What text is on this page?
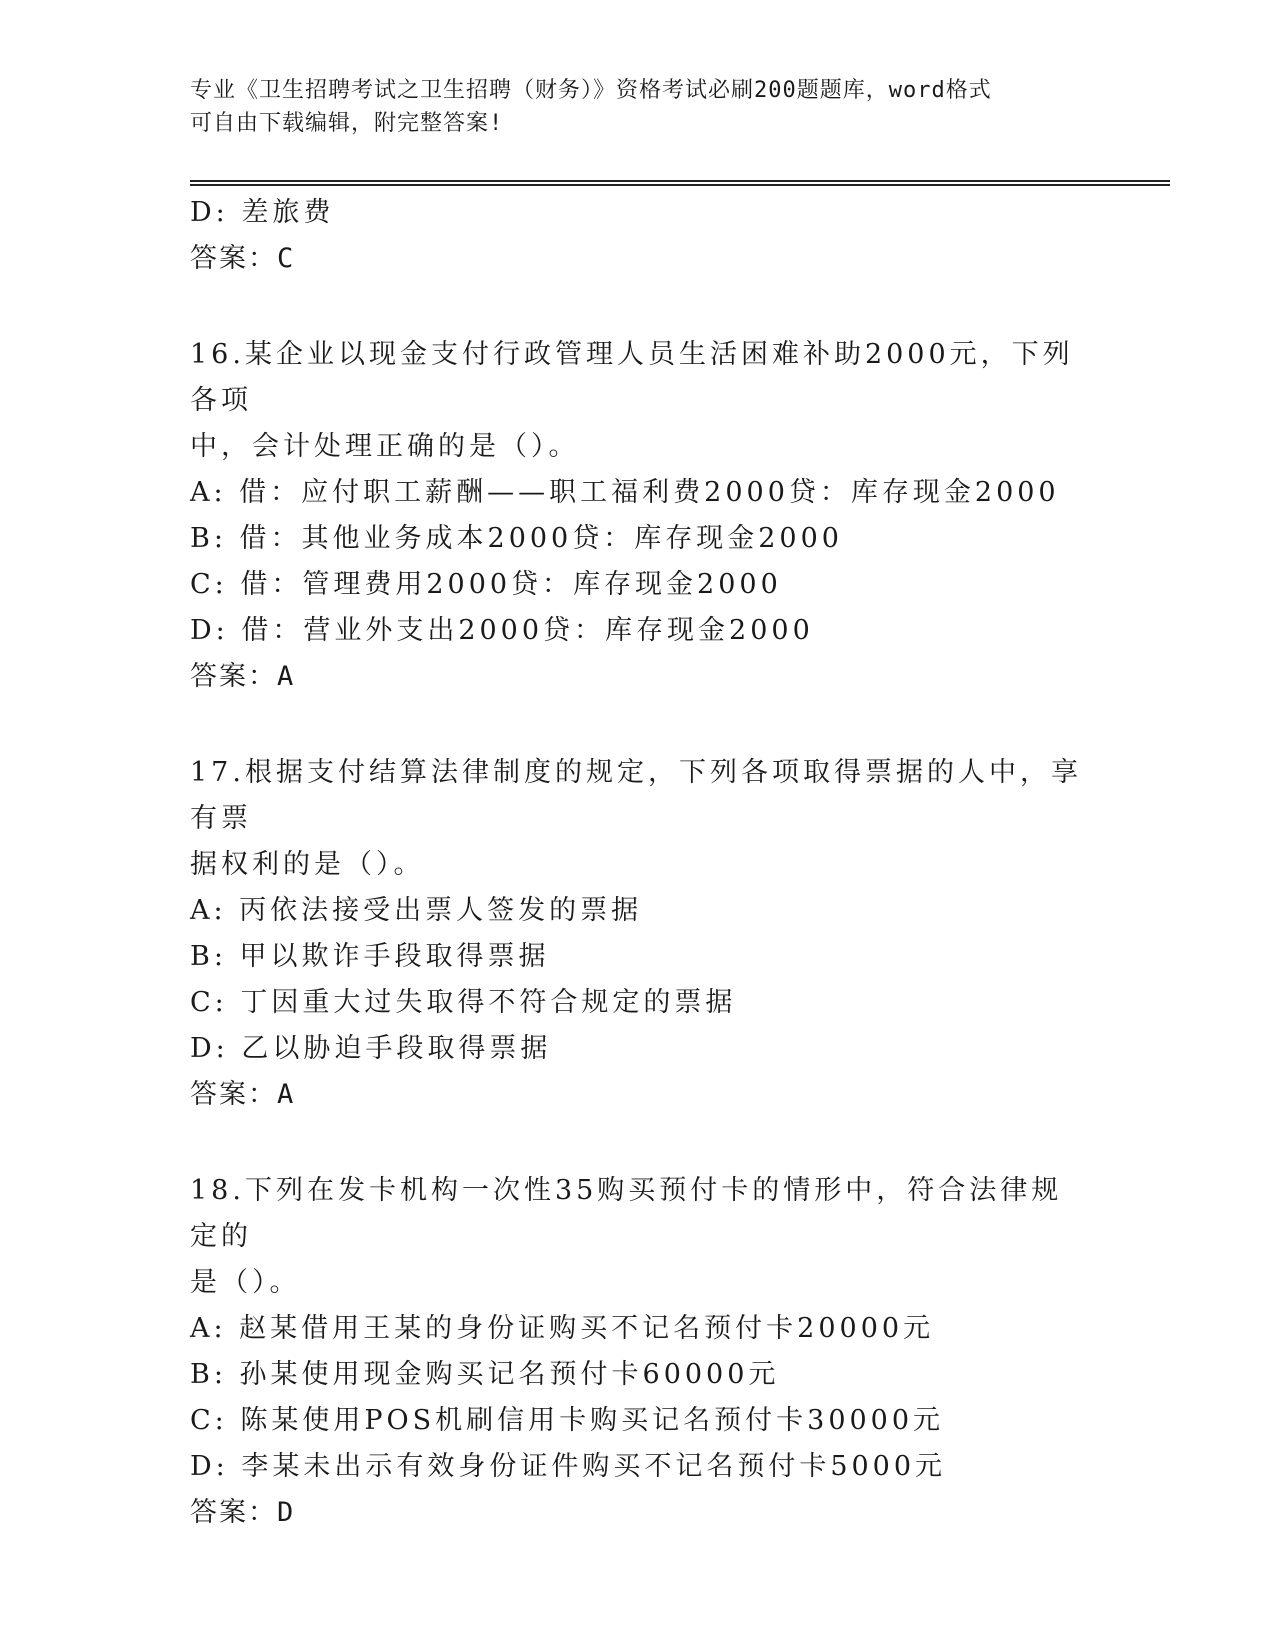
专业《卫生招聘考试之卫生招聘（财务）》资格考试必刷200题题库，word格式
可自由下载编辑，附完整答案!
D: 差旅费
答案：C
16.某企业以现金支付行政管理人员生活困难补助2000元，下列各项
中，会计处理正确的是（）。
A: 借：应付职工薪酬——职工福利费2000贷：库存现金2000
B: 借：其他业务成本2000贷：库存现金2000
C: 借：管理费用2000贷：库存现金2000
D: 借：营业外支出2000贷：库存现金2000
答案：A
17.根据支付结算法律制度的规定，下列各项取得票据的人中，享有票
据权利的是（）。
A: 丙依法接受出票人签发的票据
B: 甲以欺诈手段取得票据
C: 丁因重大过失取得不符合规定的票据
D: 乙以胁迫手段取得票据
答案：A
18.下列在发卡机构一次性35购买预付卡的情形中，符合法律规定的
是（）。
A: 赵某借用王某的身份证购买不记名预付卡20000元
B: 孙某使用现金购买记名预付卡60000元
C: 陈某使用POS机刷信用卡购买记名预付卡30000元
D: 李某未出示有效身份证件购买不记名预付卡5000元
答案：D
